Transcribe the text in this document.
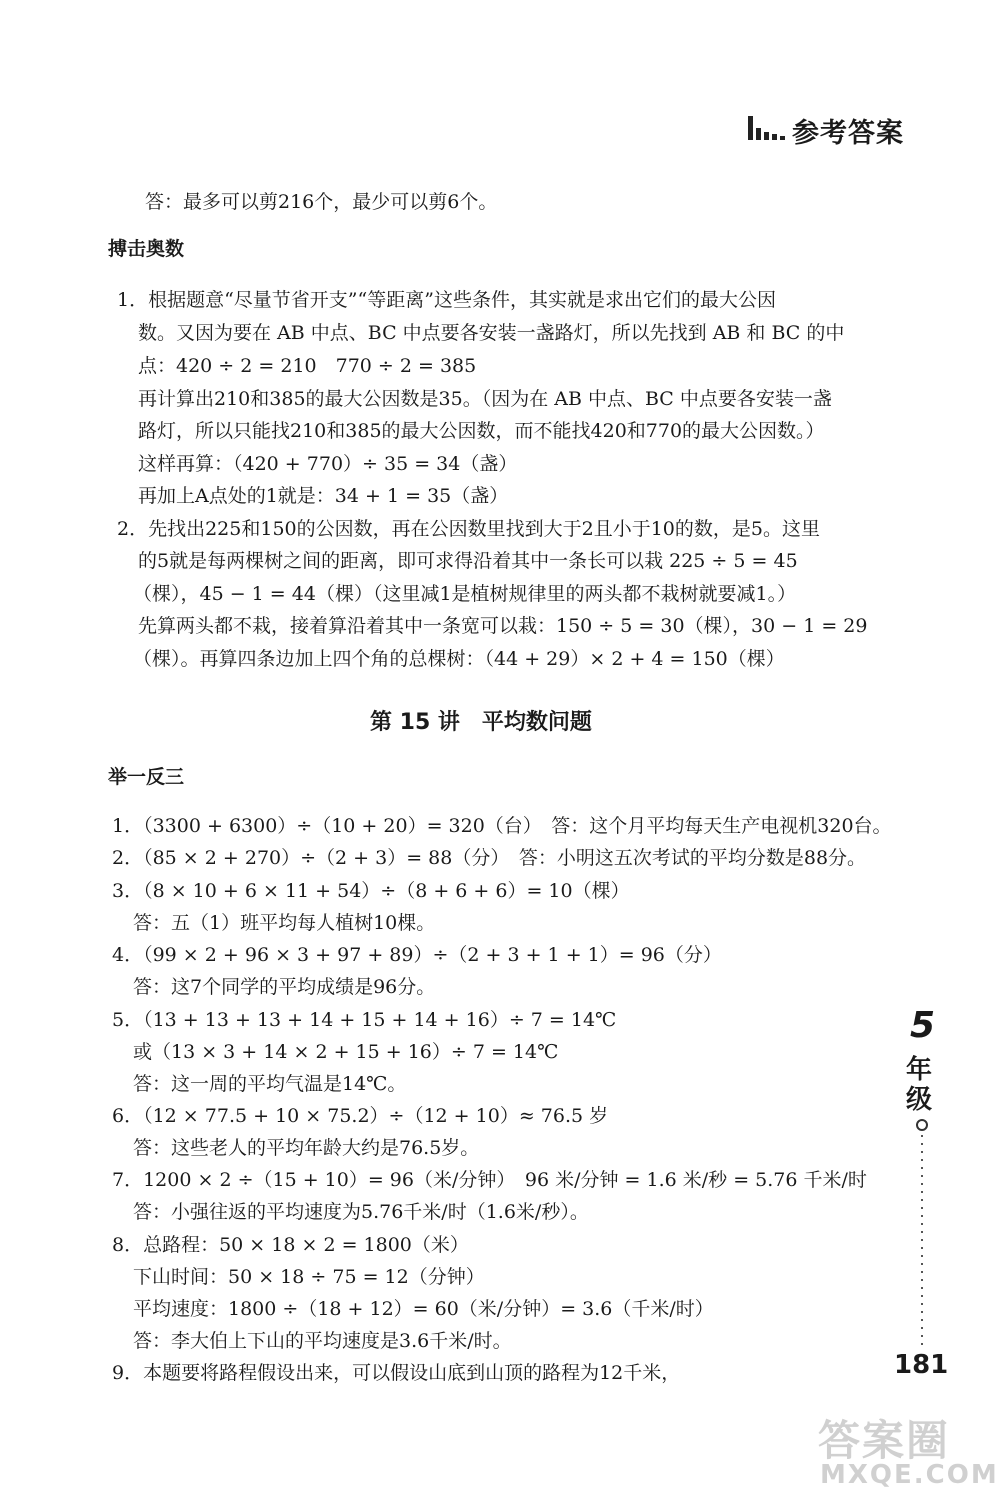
参考答案
答：最多可以剪216个，最少可以剪6个。
搏击奥数
1．根据题意“尽量节省开支”“等距离”这些条件，其实就是求出它们的最大公因
数。又因为要在 AB 中点、BC 中点要各安装一盏路灯，所以先找到 AB 和 BC 的中
点：420 ÷ 2 = 210　770 ÷ 2 = 385
再计算出210和385的最大公因数是35。（因为在 AB 中点、BC 中点要各安装一盏
路灯，所以只能找210和385的最大公因数，而不能找420和770的最大公因数。）
这样再算：（420 + 770）÷ 35 = 34（盏）
再加上A点处的1就是：34 + 1 = 35（盏）
2．先找出225和150的公因数，再在公因数里找到大于2且小于10的数，是5。这里
的5就是每两棵树之间的距离，即可求得沿着其中一条长可以栽 225 ÷ 5 = 45
（棵），45 − 1 = 44（棵）（这里减1是植树规律里的两头都不栽树就要减1。）
先算两头都不栽，接着算沿着其中一条宽可以栽：150 ÷ 5 = 30（棵），30 − 1 = 29
（棵）。再算四条边加上四个角的总棵树：（44 + 29）× 2 + 4 = 150（棵）
第 15 讲　平均数问题
举一反三
1．（3300 + 6300）÷（10 + 20）= 320（台）　答：这个月平均每天生产电视机320台。
2．（85 × 2 + 270）÷（2 + 3）= 88（分）　答：小明这五次考试的平均分数是88分。
3．（8 × 10 + 6 × 11 + 54）÷（8 + 6 + 6）= 10（棵）
答：五（1）班平均每人植树10棵。
4．（99 × 2 + 96 × 3 + 97 + 89）÷（2 + 3 + 1 + 1）= 96（分）
答：这7个同学的平均成绩是96分。
5．（13 + 13 + 13 + 14 + 15 + 14 + 16）÷ 7 = 14℃
或（13 × 3 + 14 × 2 + 15 + 16）÷ 7 = 14℃
答：这一周的平均气温是14℃。
6．（12 × 77.5 + 10 × 75.2）÷（12 + 10）≈ 76.5 岁
答：这些老人的平均年龄大约是76.5岁。
7．1200 × 2 ÷（15 + 10）= 96（米/分钟）　96 米/分钟 = 1.6 米/秒 = 5.76 千米/时
答：小强往返的平均速度为5.76千米/时（1.6米/秒）。
8．总路程：50 × 18 × 2 = 1800（米）
下山时间：50 × 18 ÷ 75 = 12（分钟）
平均速度：1800 ÷（18 + 12）= 60（米/分钟）= 3.6（千米/时）
答：李大伯上下山的平均速度是3.6千米/时。
9．本题要将路程假设出来，可以假设山底到山顶的路程为12千米，
5
年
级
181
答案圈
MXQE.COM
